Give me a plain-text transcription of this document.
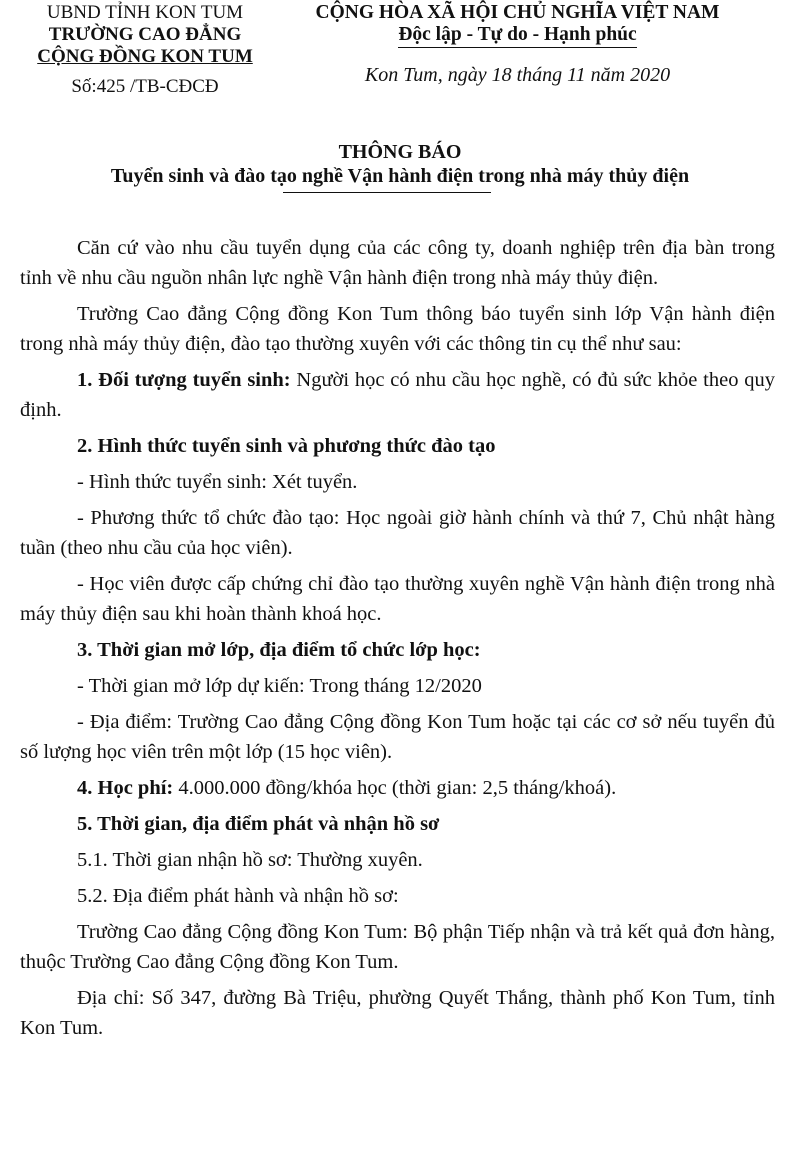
UBND TỈNH KON TUM
TRƯỜNG CAO ĐẲNG
CỘNG ĐỒNG KON TUM
Số:425 /TB-CĐCĐ
CỘNG HÒA XÃ HỘI CHỦ NGHĨA VIỆT NAM
Độc lập - Tự do - Hạnh phúc
Kon Tum, ngày 18 tháng 11 năm 2020
THÔNG BÁO
Tuyển sinh và đào tạo nghề Vận hành điện trong nhà máy thủy điện

Căn cứ vào nhu cầu tuyển dụng của các công ty, doanh nghiệp trên địa bàn trong tỉnh về nhu cầu nguồn nhân lực nghề Vận hành điện trong nhà máy thủy điện.

Trường Cao đẳng Cộng đồng Kon Tum thông báo tuyển sinh lớp Vận hành điện trong nhà máy thủy điện, đào tạo thường xuyên với các thông tin cụ thể như sau:

1. Đối tượng tuyển sinh: Người học có nhu cầu học nghề, có đủ sức khỏe theo quy định.

2. Hình thức tuyển sinh và phương thức đào tạo

- Hình thức tuyển sinh: Xét tuyển.

- Phương thức tổ chức đào tạo: Học ngoài giờ hành chính và thứ 7, Chủ nhật hàng tuần (theo nhu cầu của học viên).

- Học viên được cấp chứng chỉ đào tạo thường xuyên nghề Vận hành điện trong nhà máy thủy điện sau khi hoàn thành khoá học.

3. Thời gian mở lớp, địa điểm tổ chức lớp học:

- Thời gian mở lớp dự kiến: Trong tháng 12/2020

- Địa điểm: Trường Cao đẳng Cộng đồng Kon Tum hoặc tại các cơ sở nếu tuyển đủ số lượng học viên trên một lớp (15 học viên).

4. Học phí: 4.000.000 đồng/khóa học (thời gian: 2,5 tháng/khoá).

5. Thời gian, địa điểm phát và nhận hồ sơ

5.1. Thời gian nhận hồ sơ: Thường xuyên.

5.2. Địa điểm phát hành và nhận hồ sơ:

Trường Cao đẳng Cộng đồng Kon Tum: Bộ phận Tiếp nhận và trả kết quả đơn hàng, thuộc Trường Cao đẳng Cộng đồng Kon Tum.

Địa chỉ: Số 347, đường Bà Triệu, phường Quyết Thắng, thành phố Kon Tum, tỉnh Kon Tum.
